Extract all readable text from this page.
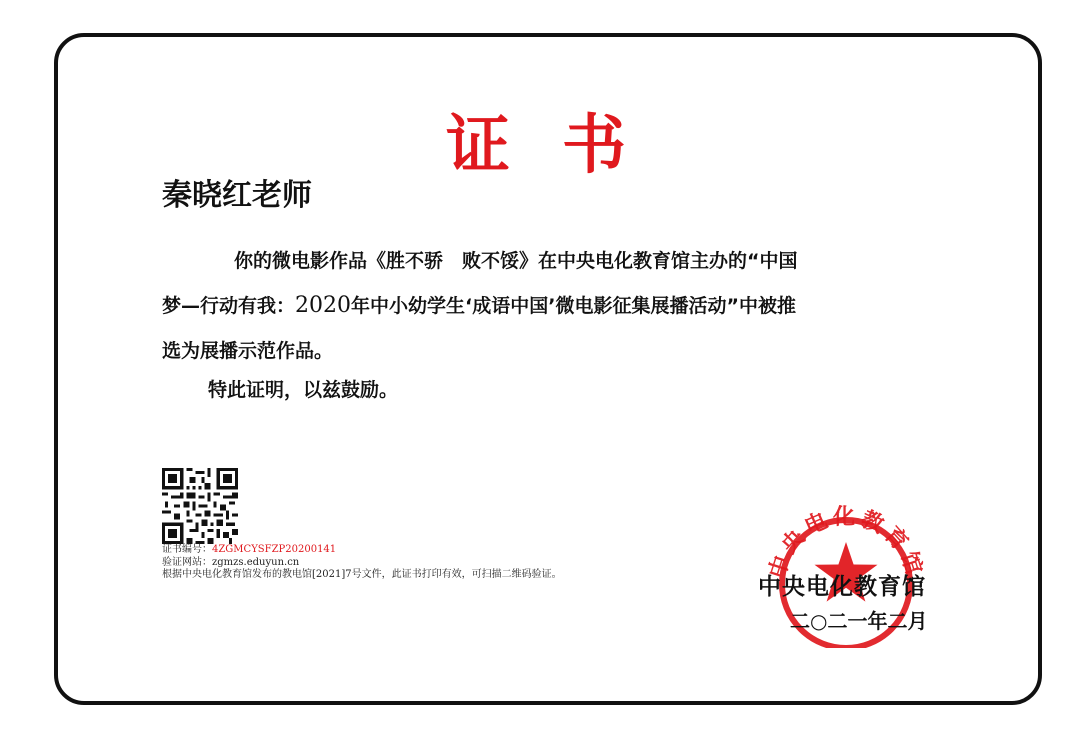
证 书
秦晓红老师
你的微电影作品《胜不骄　败不馁》在中央电化教育馆主办的“中国
梦—行动有我：2020年中小幼学生‘成语中国’微电影征集展播活动”中被推
选为展播示范作品。
特此证明，以兹鼓励。
证书编号：4ZGMCYSFZP20200141
验证网站：zgmzs.eduyun.cn
根据中央电化教育馆发布的教电馆[2021]7号文件，此证书打印有效，可扫描二维码验证。	中央电化教育馆
中央电化教育馆
二○二一年二月
